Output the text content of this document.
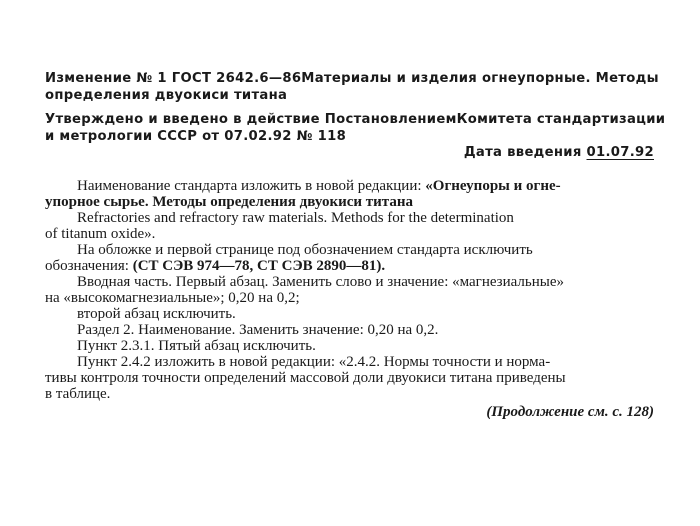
Изменение № 1 ГОСТ 2642.6—86 Материалы и изделия огнеупорные. Методы
определения двуокиси титана
Утверждено и введено в действие Постановлением Комитета стандартизации
и метрологии СССР от 07.02.92 № 118
Дата введения 01.07.92
Наименование стандарта изложить в новой редакции: «Огнеупоры и огне-
упорное сырье. Методы определения двуокиси титана
Refractories and refractory raw materials. Methods for the determination
of titanum oxide».
На обложке и первой странице под обозначением стандарта исключить
обозначения: (СТ СЭВ 974—78, СТ СЭВ 2890—81).
Вводная часть. Первый абзац. Заменить слово и значение: «магнезиальные»
на «высокомагнезиальные»; 0,20 на 0,2;
второй абзац исключить.
Раздел 2. Наименование. Заменить значение: 0,20 на 0,2.
Пункт 2.3.1. Пятый абзац исключить.
Пункт 2.4.2 изложить в новой редакции: «2.4.2. Нормы точности и норма-
тивы контроля точности определений массовой доли двуокиси титана приведены
в таблице.
(Продолжение см. с. 128)
